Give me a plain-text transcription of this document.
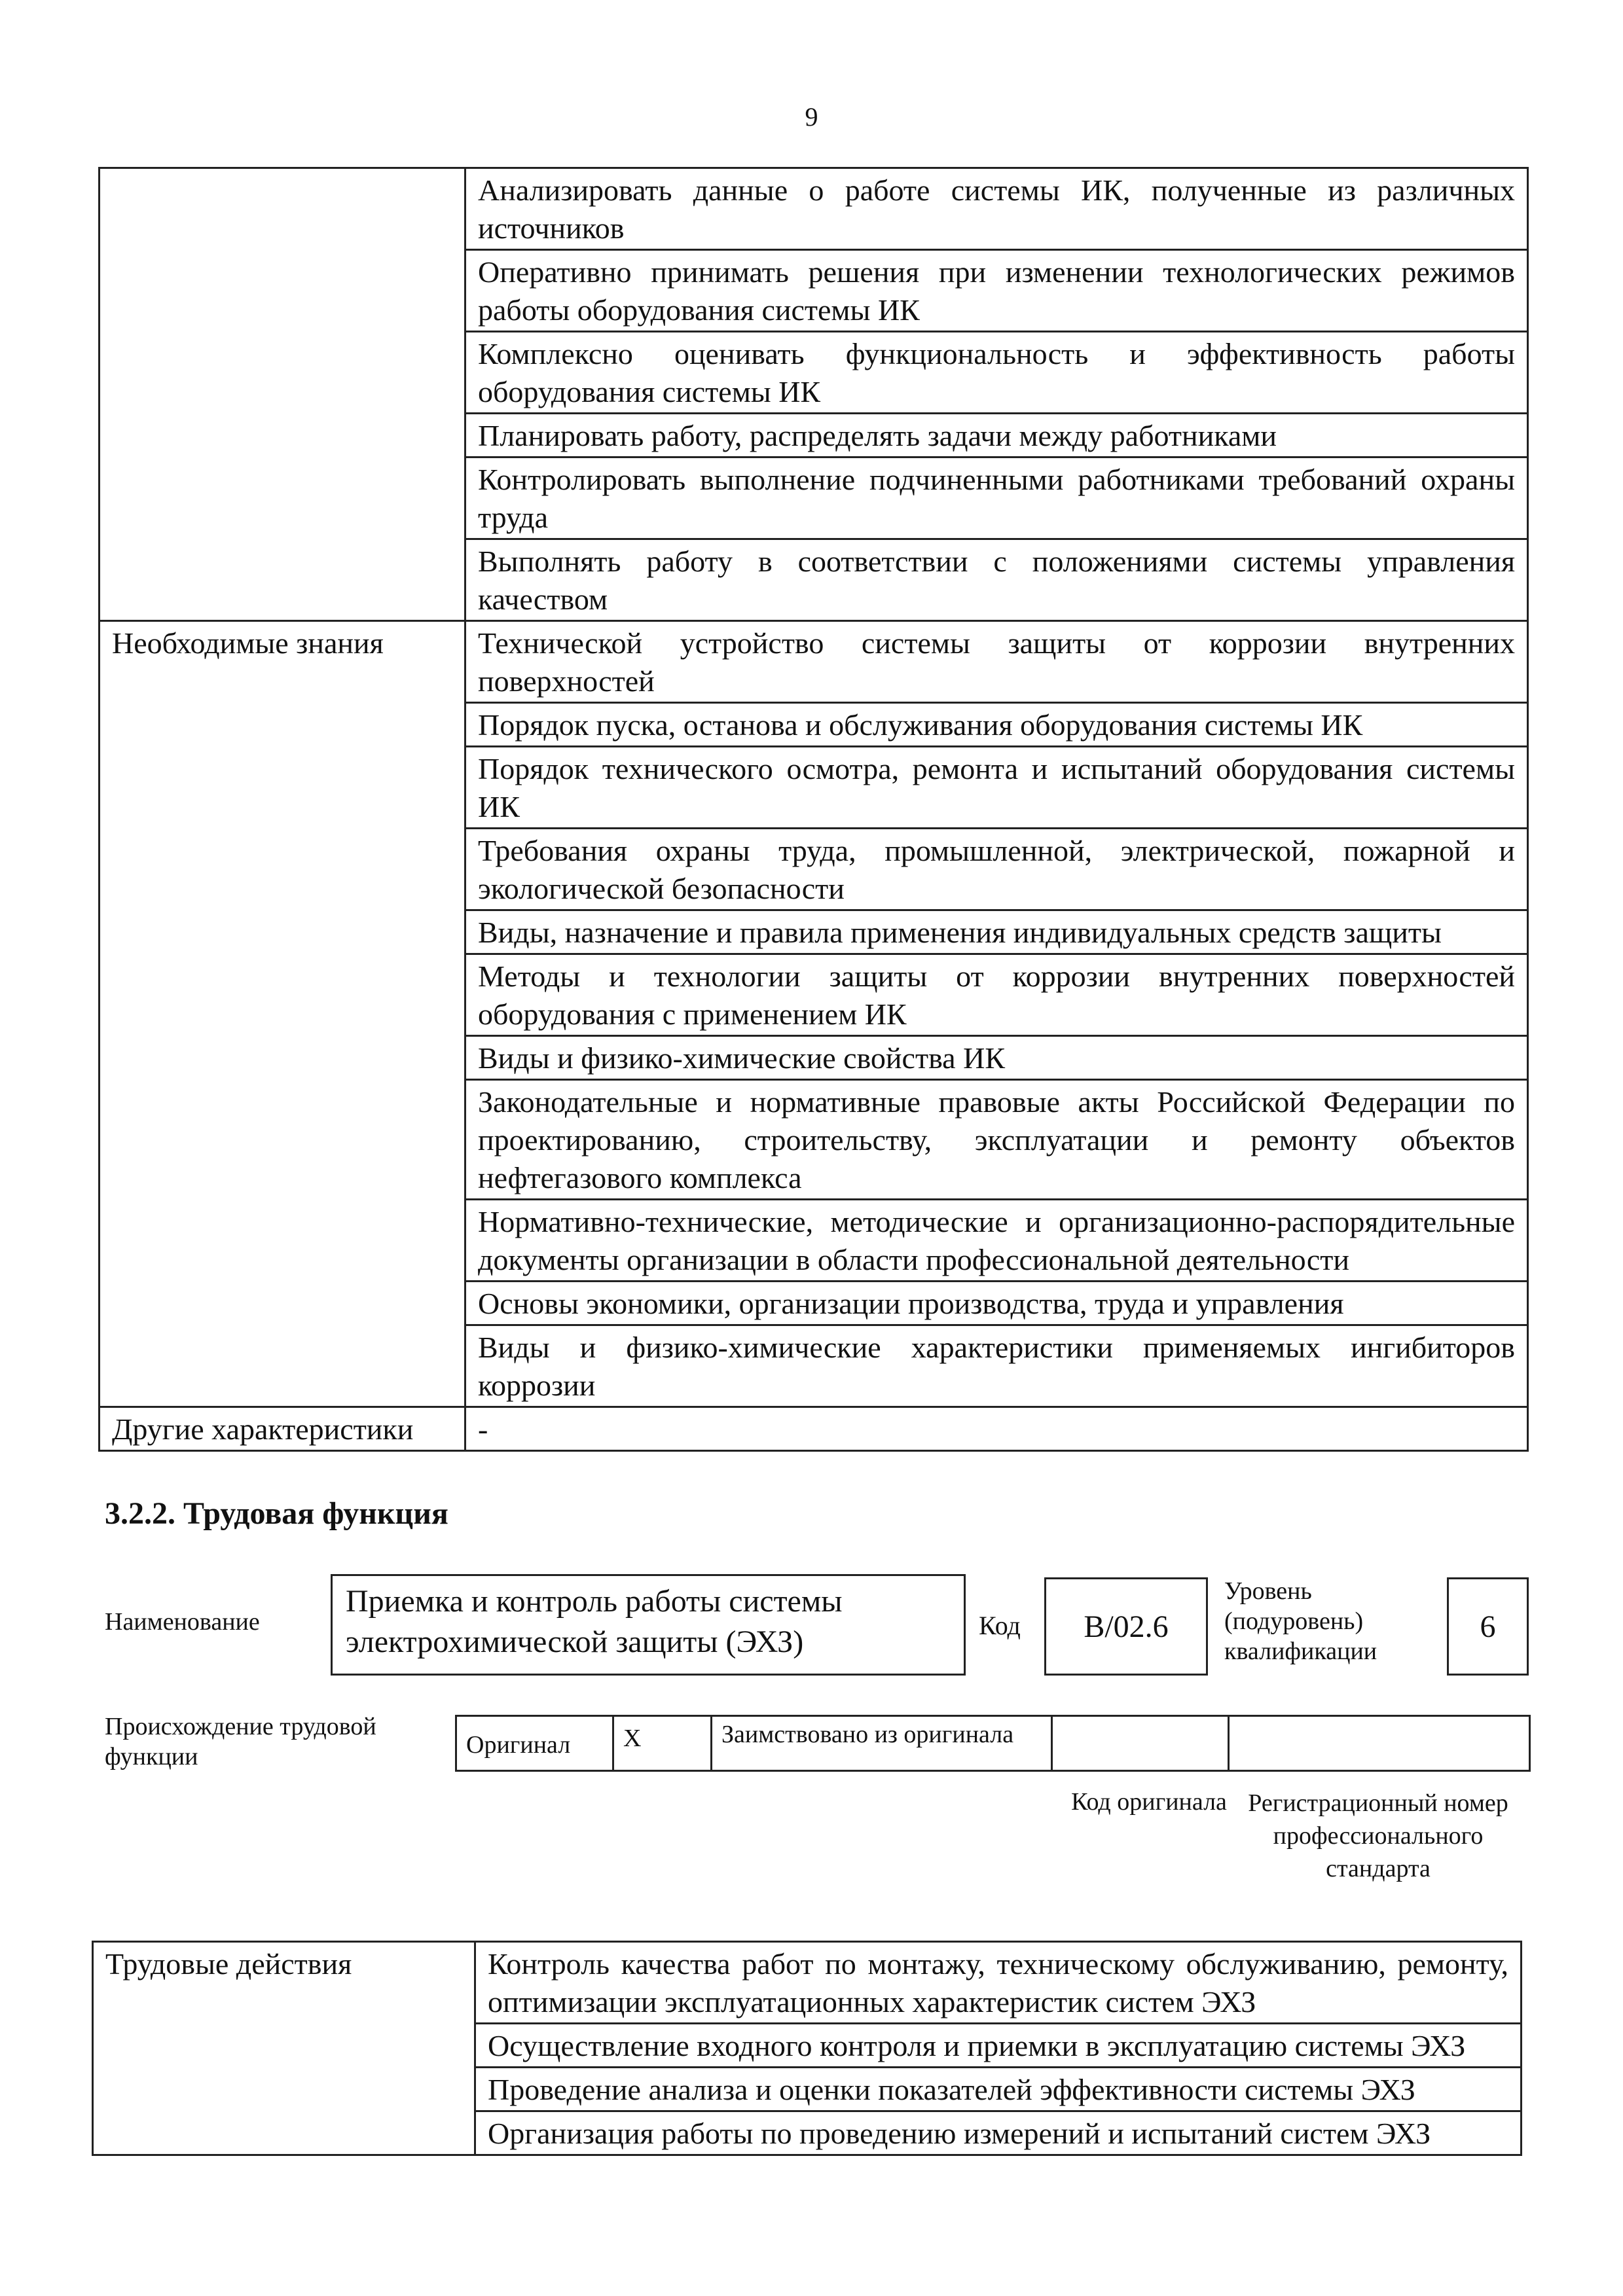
9
	Анализировать данные о работе системы ИК, полученные из различных источников
	Оперативно принимать решения при изменении технологических режимов работы оборудования системы ИК
	Комплексно оценивать функциональность и эффективность работы оборудования системы ИК
	Планировать работу, распределять задачи между работниками
	Контролировать выполнение подчиненными работниками требований охраны труда
	Выполнять работу в соответствии с положениями системы управления качеством
Необходимые знания	Технической устройство системы защиты от коррозии внутренних поверхностей
	Порядок пуска, останова и обслуживания оборудования системы ИК
	Порядок технического осмотра, ремонта и испытаний оборудования системы ИК
	Требования охраны труда, промышленной, электрической, пожарной и экологической безопасности
	Виды, назначение и правила применения индивидуальных средств защиты
	Методы и технологии защиты от коррозии внутренних поверхностей оборудования с применением ИК
	Виды и физико-химические свойства ИК
	Законодательные и нормативные правовые акты Российской Федерации по проектированию, строительству, эксплуатации и ремонту объектов нефтегазового комплекса
	Нормативно-технические, методические и организационно-распорядительные документы организации в области профессиональной деятельности
	Основы экономики, организации производства, труда и управления
	Виды и физико-химические характеристики применяемых ингибиторов коррозии
Другие характеристики	-
3.2.2. Трудовая функция
Наименование
Приемка и контроль работы системы электрохимической защиты (ЭХЗ)	Код	B/02.6
Уровень (подуровень) квалификации
6
Происхождение трудовой функции	Оригинал	X	Заимствовано из оригинала		
Код оригинала Регистрационный номер профессионального стандарта
Трудовые действия	Контроль качества работ по монтажу, техническому обслуживанию, ремонту, оптимизации эксплуатационных характеристик систем ЭХЗ
Осуществление входного контроля и приемки в эксплуатацию системы ЭХЗ
Проведение анализа и оценки показателей эффективности системы ЭХЗ
Организация работы по проведению измерений и испытаний систем ЭХЗ
